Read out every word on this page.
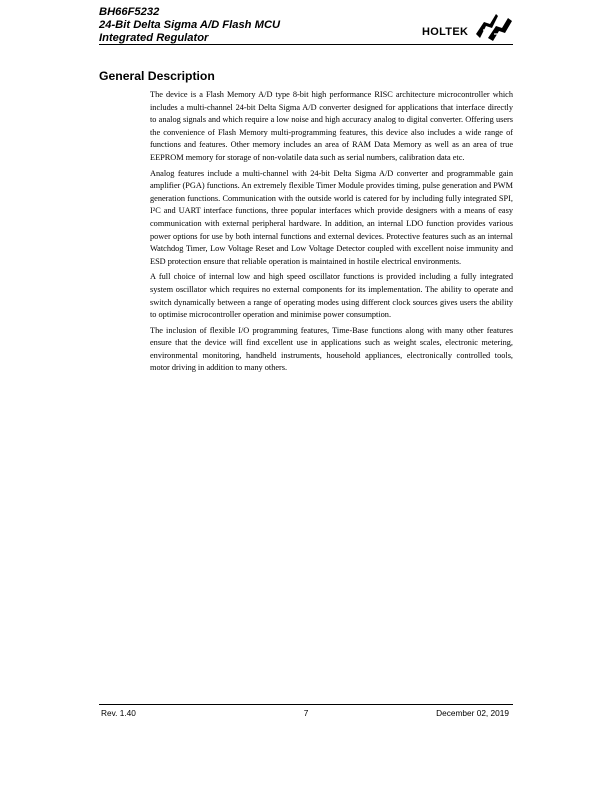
BH66F5232
24-Bit Delta Sigma A/D Flash MCU
Integrated Regulator	HOLTEK
General Description

The device is a Flash Memory A/D type 8-bit high performance RISC architecture microcontroller which includes a multi-channel 24-bit Delta Sigma A/D converter designed for applications that interface directly to analog signals and which require a low noise and high accuracy analog to digital converter. Offering users the convenience of Flash Memory multi-programming features, this device also includes a wide range of functions and features. Other memory includes an area of RAM Data Memory as well as an area of true EEPROM memory for storage of non-volatile data such as serial numbers, calibration data etc.

Analog features include a multi-channel with 24-bit Delta Sigma A/D converter and programmable gain amplifier (PGA) functions. An extremely flexible Timer Module provides timing, pulse generation and PWM generation functions. Communication with the outside world is catered for by including fully integrated SPI, I²C and UART interface functions, three popular interfaces which provide designers with a means of easy communication with external peripheral hardware. In addition, an internal LDO function provides various power options for use by both internal functions and external devices. Protective features such as an internal Watchdog Timer, Low Voltage Reset and Low Voltage Detector coupled with excellent noise immunity and ESD protection ensure that reliable operation is maintained in hostile electrical environments.

A full choice of internal low and high speed oscillator functions is provided including a fully integrated system oscillator which requires no external components for its implementation. The ability to operate and switch dynamically between a range of operating modes using different clock sources gives users the ability to optimise microcontroller operation and minimise power consumption.

The inclusion of flexible I/O programming features, Time-Base functions along with many other features ensure that the device will find excellent use in applications such as weight scales, electronic metering, environmental monitoring, handheld instruments, household appliances, electronically controlled tools, motor driving in addition to many others.

Rev. 1.40	7	December 02, 2019
